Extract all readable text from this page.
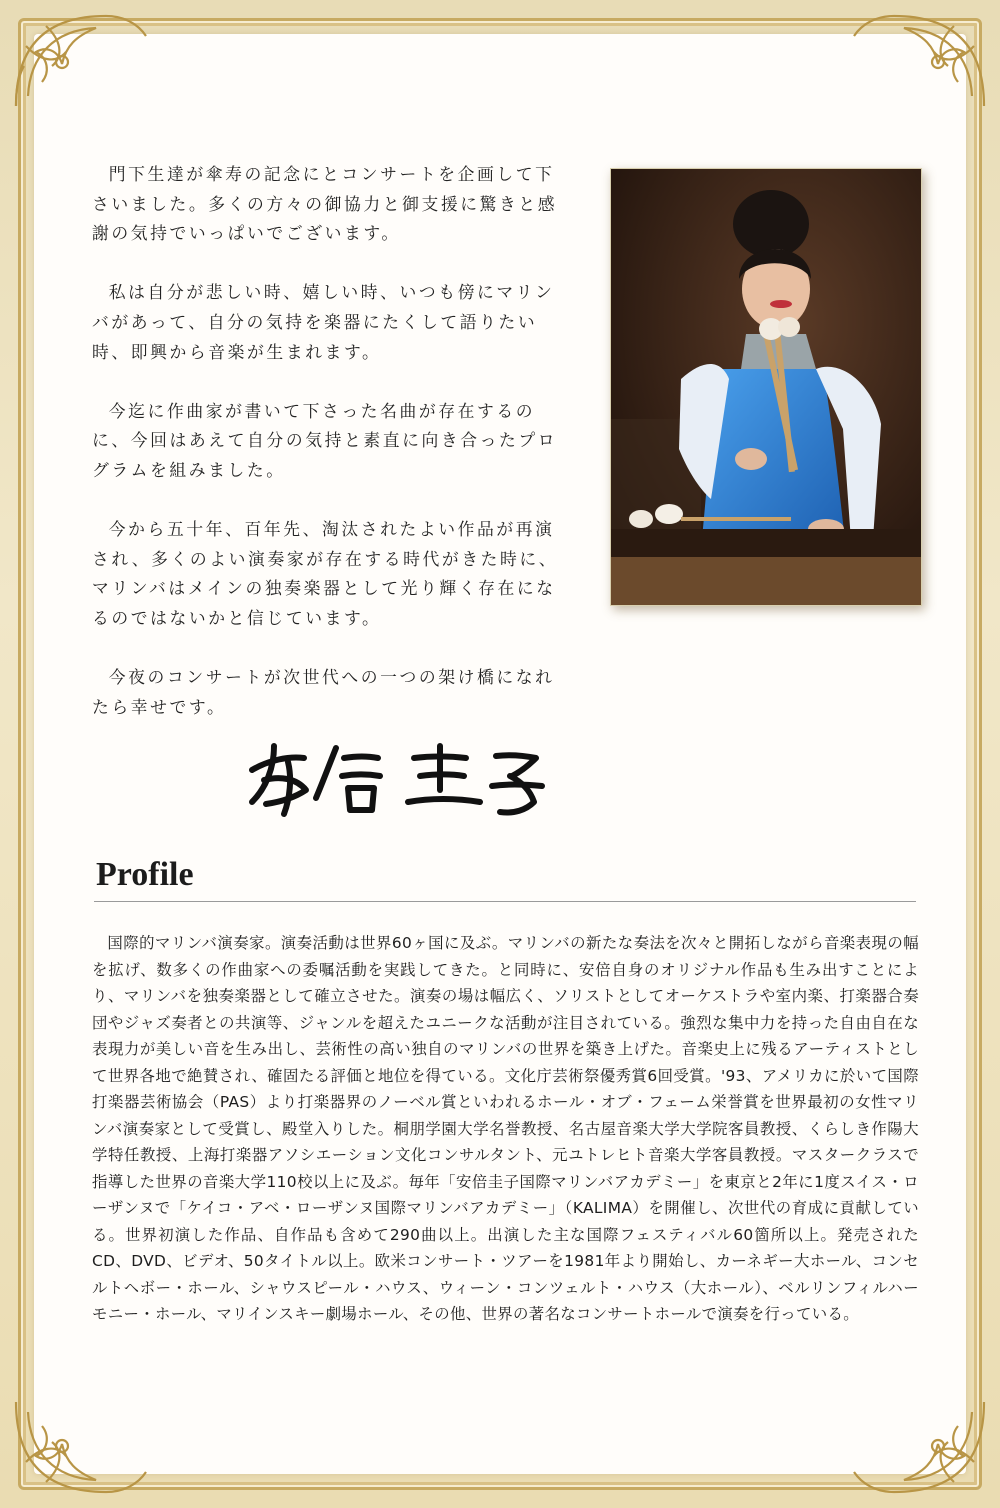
門下生達が傘寿の記念にとコンサートを企画して下さいました。多くの方々の御協力と御支援に驚きと感謝の気持でいっぱいでございます。

私は自分が悲しい時、嬉しい時、いつも傍にマリンバがあって、自分の気持を楽器にたくして語りたい時、即興から音楽が生まれます。

今迄に作曲家が書いて下さった名曲が存在するのに、今回はあえて自分の気持と素直に向き合ったプログラムを組みました。

今から五十年、百年先、淘汰されたよい作品が再演され、多くのよい演奏家が存在する時代がきた時に、マリンバはメインの独奏楽器として光り輝く存在になるのではないかと信じています。

今夜のコンサートが次世代への一つの架け橋になれたら幸せです。

Profile

国際的マリンバ演奏家。演奏活動は世界60ヶ国に及ぶ。マリンバの新たな奏法を次々と開拓しながら音楽表現の幅を拡げ、数多くの作曲家への委嘱活動を実践してきた。と同時に、安倍自身のオリジナル作品も生み出すことにより、マリンバを独奏楽器として確立させた。演奏の場は幅広く、ソリストとしてオーケストラや室内楽、打楽器合奏団やジャズ奏者との共演等、ジャンルを超えたユニークな活動が注目されている。強烈な集中力を持った自由自在な表現力が美しい音を生み出し、芸術性の高い独自のマリンバの世界を築き上げた。音楽史上に残るアーティストとして世界各地で絶賛され、確固たる評価と地位を得ている。文化庁芸術祭優秀賞6回受賞。'93、アメリカに於いて国際打楽器芸術協会（PAS）より打楽器界のノーベル賞といわれるホール・オブ・フェーム栄誉賞を世界最初の女性マリンバ演奏家として受賞し、殿堂入りした。桐朋学園大学名誉教授、名古屋音楽大学大学院客員教授、くらしき作陽大学特任教授、上海打楽器アソシエーション文化コンサルタント、元ユトレヒト音楽大学客員教授。マスタークラスで指導した世界の音楽大学110校以上に及ぶ。毎年「安倍圭子国際マリンバアカデミー」を東京と2年に1度スイス・ローザンヌで「ケイコ・アベ・ローザンヌ国際マリンバアカデミー」（KALIMA）を開催し、次世代の育成に貢献している。世界初演した作品、自作品も含めて290曲以上。出演した主な国際フェスティバル60箇所以上。発売されたCD、DVD、ビデオ、50タイトル以上。欧米コンサート・ツアーを1981年より開始し、カーネギー大ホール、コンセルトヘボー・ホール、シャウスピール・ハウス、ウィーン・コンツェルト・ハウス（大ホール）、ベルリンフィルハーモニー・ホール、マリインスキー劇場ホール、その他、世界の著名なコンサートホールで演奏を行っている。
